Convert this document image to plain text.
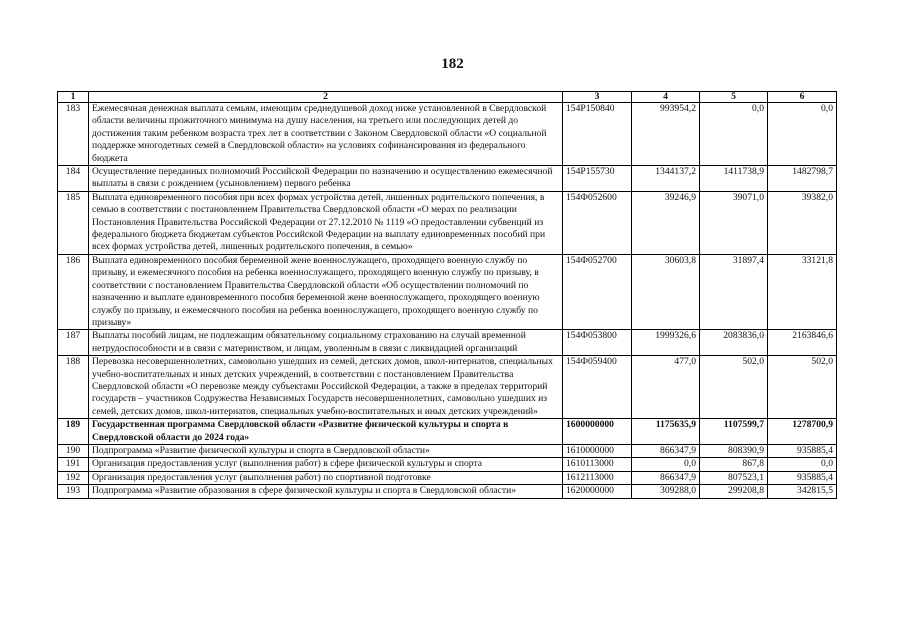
182
1	2	3	4	5	6
183	Ежемесячная денежная выплата семьям, имеющим среднедушевой доход ниже установленной в Свердловской области величины прожиточного минимума на душу населения, на третьего или последующих детей до достижения таким ребенком возраста трех лет в соответствии с Законом Свердловской области «О социальной поддержке многодетных семей в Свердловской области» на условиях софинансирования из федерального бюджета	154P150840	993954,2	0,0	0,0
184	Осуществление переданных полномочий Российской Федерации по назначению и осуществлению ежемесячной выплаты в связи с рождением (усыновлением) первого ребенка	154P155730	1344137,2	1411738,9	1482798,7
185	Выплата единовременного пособия при всех формах устройства детей, лишенных родительского попечения, в семью в соответствии с постановлением Правительства Свердловской области «О мерах по реализации Постановления Правительства Российской Федерации от 27.12.2010 № 1119 «О предоставлении субвенций из федерального бюджета бюджетам субъектов Российской Федерации на выплату единовременных пособий при всех формах устройства детей, лишенных родительского попечения, в семью»	154Ф052600	39246,9	39071,0	39382,0
186	Выплата единовременного пособия беременной жене военнослужащего, проходящего военную службу по призыву, и ежемесячного пособия на ребенка военнослужащего, проходящего военную службу по призыву, в соответствии с постановлением Правительства Свердловской области «Об осуществлении полномочий по назначению и выплате единовременного пособия беременной жене военнослужащего, проходящего военную службу по призыву, и ежемесячного пособия на ребенка военнослужащего, проходящего военную службу по призыву»	154Ф052700	30603,8	31897,4	33121,8
187	Выплаты пособий лицам, не подлежащим обязательному социальному страхованию на случай временной нетрудоспособности и в связи с материнством, и лицам, уволенным в связи с ликвидацией организаций	154Ф053800	1999326,6	2083836,0	2163846,6
188	Перевозка несовершеннолетних, самовольно ушедших из семей, детских домов, школ-интернатов, специальных учебно-воспитательных и иных детских учреждений, в соответствии с постановлением Правительства Свердловской области «О перевозке между субъектами Российской Федерации, а также в пределах территорий государств – участников Содружества Независимых Государств несовершеннолетних, самовольно ушедших из семей, детских домов, школ-интернатов, специальных учебно-воспитательных и иных детских учреждений»	154Ф059400	477,0	502,0	502,0
189	Государственная программа Свердловской области «Развитие физической культуры и спорта в Свердловской области до 2024 года»	1600000000	1175635,9	1107599,7	1278700,9
190	Подпрограмма «Развитие физической культуры и спорта в Свердловской области»	1610000000	866347,9	808390,9	935885,4
191	Организация предоставления услуг (выполнения работ) в сфере физической культуры и спорта	1610113000	0,0	867,8	0,0
192	Организация предоставления услуг (выполнения работ) по спортивной подготовке	1612113000	866347,9	807523,1	935885,4
193	Подпрограмма «Развитие образования в сфере физической культуры и спорта в Свердловской области»	1620000000	309288,0	299208,8	342815,5
